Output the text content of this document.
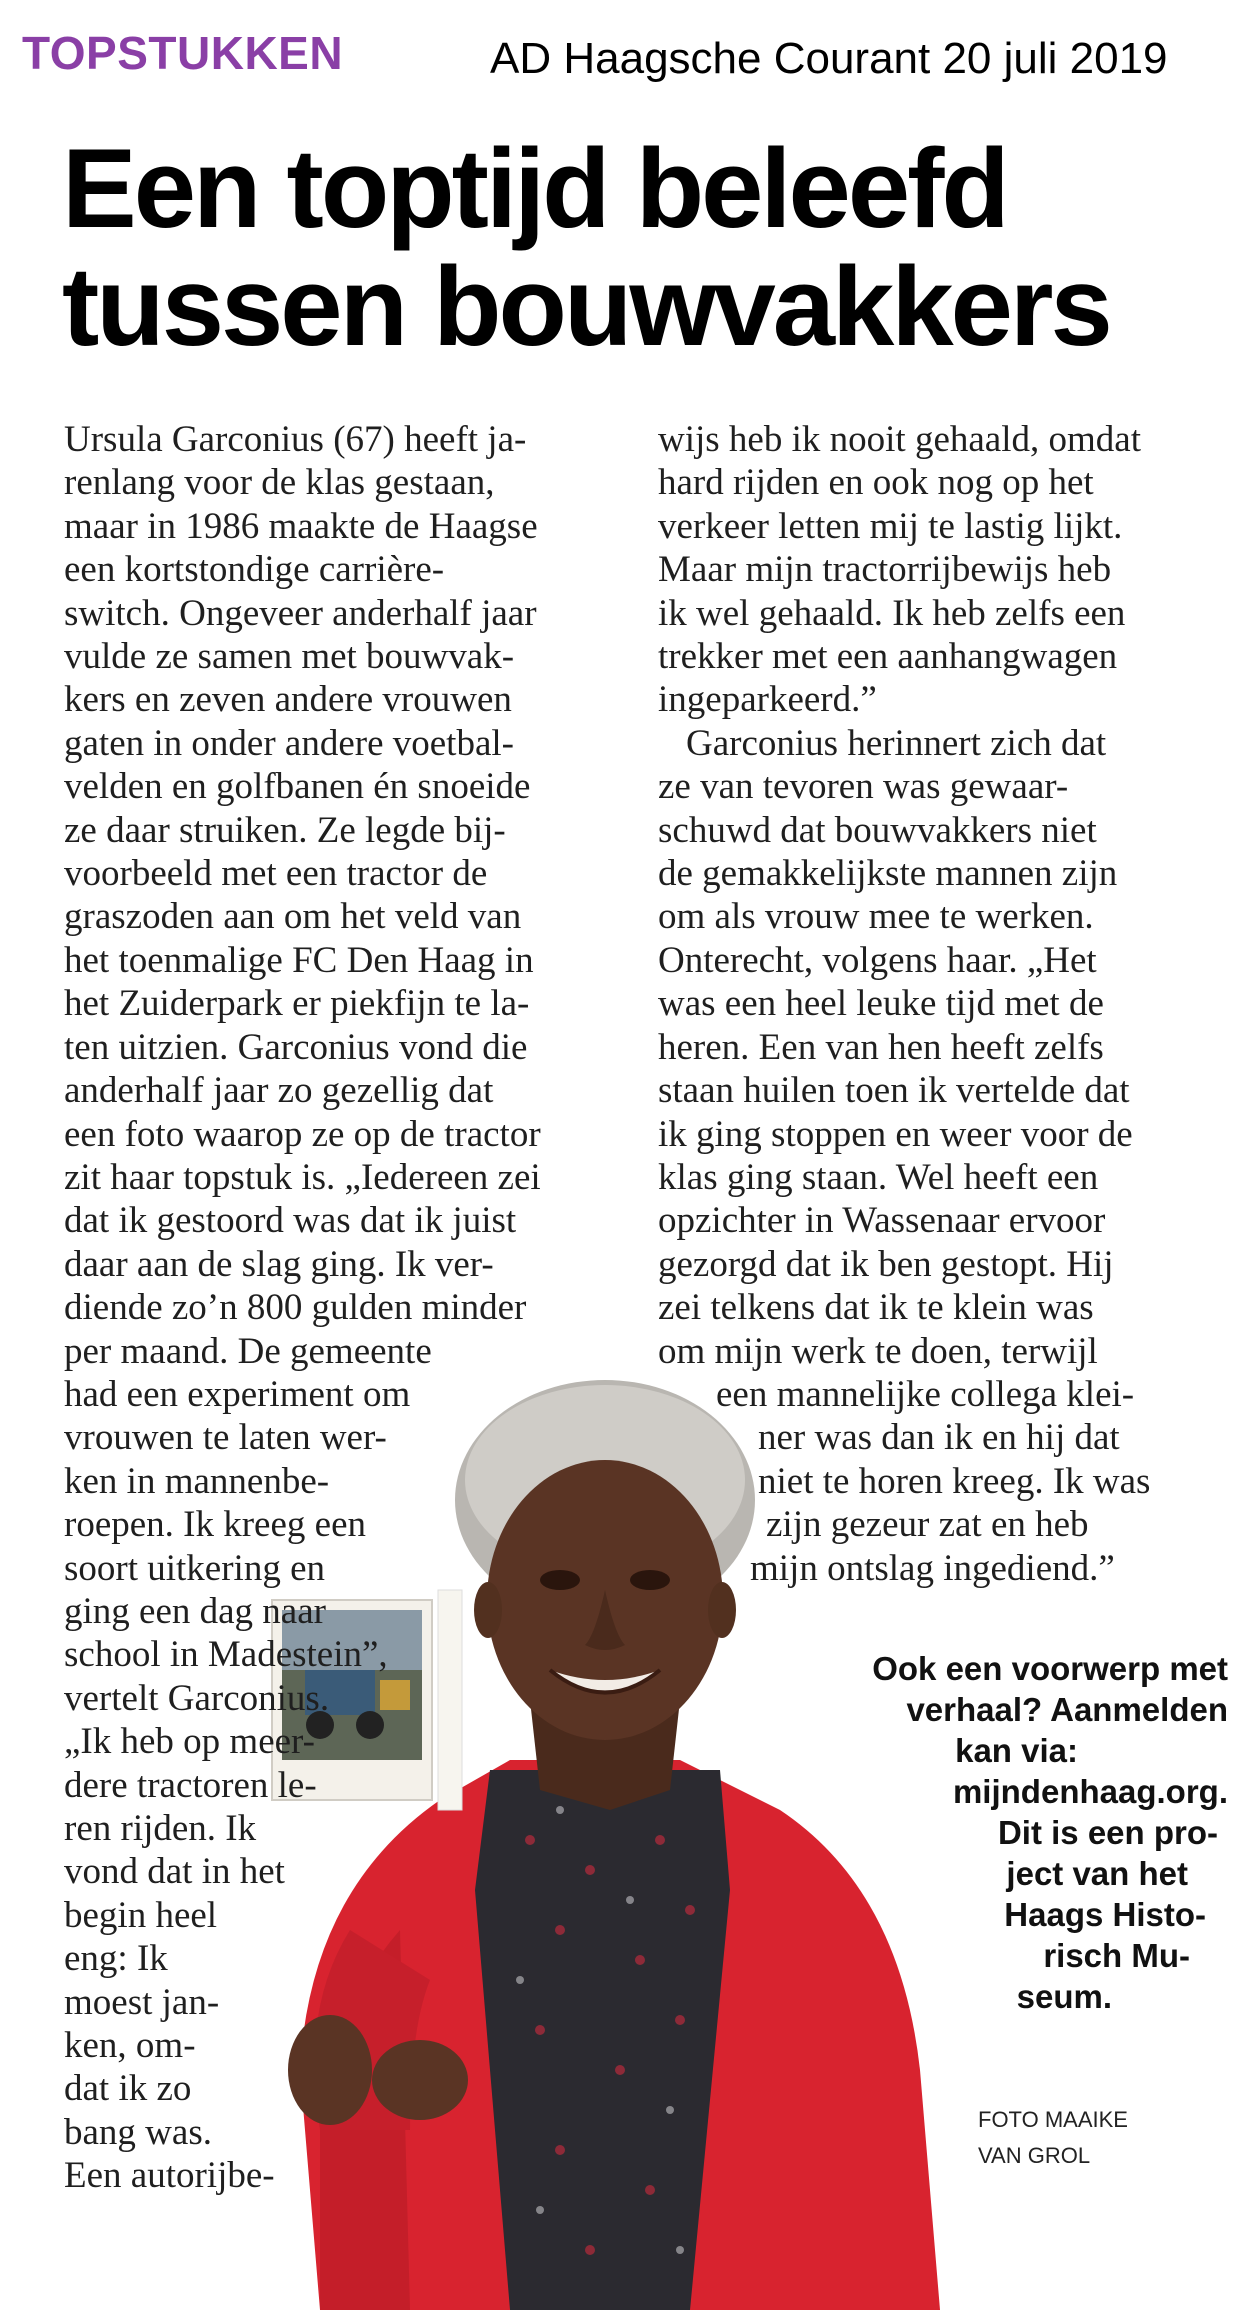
TOPSTUKKEN	AD Haagsche Courant 20 juli 2019
Een toptijd beleefd
tussen bouwvakkers
Ursula Garconius (67) heeft ja-
renlang voor de klas gestaan,
maar in 1986 maakte de Haagse
een kortstondige carrière-
switch. Ongeveer anderhalf jaar
vulde ze samen met bouwvak-
kers en zeven andere vrouwen
gaten in onder andere voetbal-
velden en golfbanen én snoeide
ze daar struiken. Ze legde bij-
voorbeeld met een tractor de
graszoden aan om het veld van
het toenmalige FC Den Haag in
het Zuiderpark er piekfijn te la-
ten uitzien. Garconius vond die
anderhalf jaar zo gezellig dat
een foto waarop ze op de tractor
zit haar topstuk is. „Iedereen zei
dat ik gestoord was dat ik juist
daar aan de slag ging. Ik ver-
diende zo’n 800 gulden minder
per maand. De gemeente
had een experiment om
vrouwen te laten wer-
ken in mannenbe-
roepen. Ik kreeg een
soort uitkering en
ging een dag naar
school in Madestein”,
vertelt Garconius.
„Ik heb op meer-
dere tractoren le-
ren rijden. Ik
vond dat in het
begin heel
eng: Ik
moest jan-
ken, om-
dat ik zo
bang was.
Een autorijbe-
wijs heb ik nooit gehaald, omdat
hard rijden en ook nog op het
verkeer letten mij te lastig lijkt.
Maar mijn tractorrijbewijs heb
ik wel gehaald. Ik heb zelfs een
trekker met een aanhangwagen
ingeparkeerd.”
Garconius herinnert zich dat
ze van tevoren was gewaar-
schuwd dat bouwvakkers niet
de gemakkelijkste mannen zijn
om als vrouw mee te werken.
Onterecht, volgens haar. „Het
was een heel leuke tijd met de
heren. Een van hen heeft zelfs
staan huilen toen ik vertelde dat
ik ging stoppen en weer voor de
klas ging staan. Wel heeft een
opzichter in Wassenaar ervoor
gezorgd dat ik ben gestopt. Hij
zei telkens dat ik te klein was
om mijn werk te doen, terwijl
een mannelijke collega klei-
ner was dan ik en hij dat
niet te horen kreeg. Ik was
zijn gezeur zat en heb
mijn ontslag ingediend.”
Ook een voorwerp met
verhaal? Aanmelden
kan via:
mijndenhaag.org.
Dit is een pro-
ject van het
Haags Histo-
risch Mu-
seum.
FOTO MAAIKE
VAN GROL
